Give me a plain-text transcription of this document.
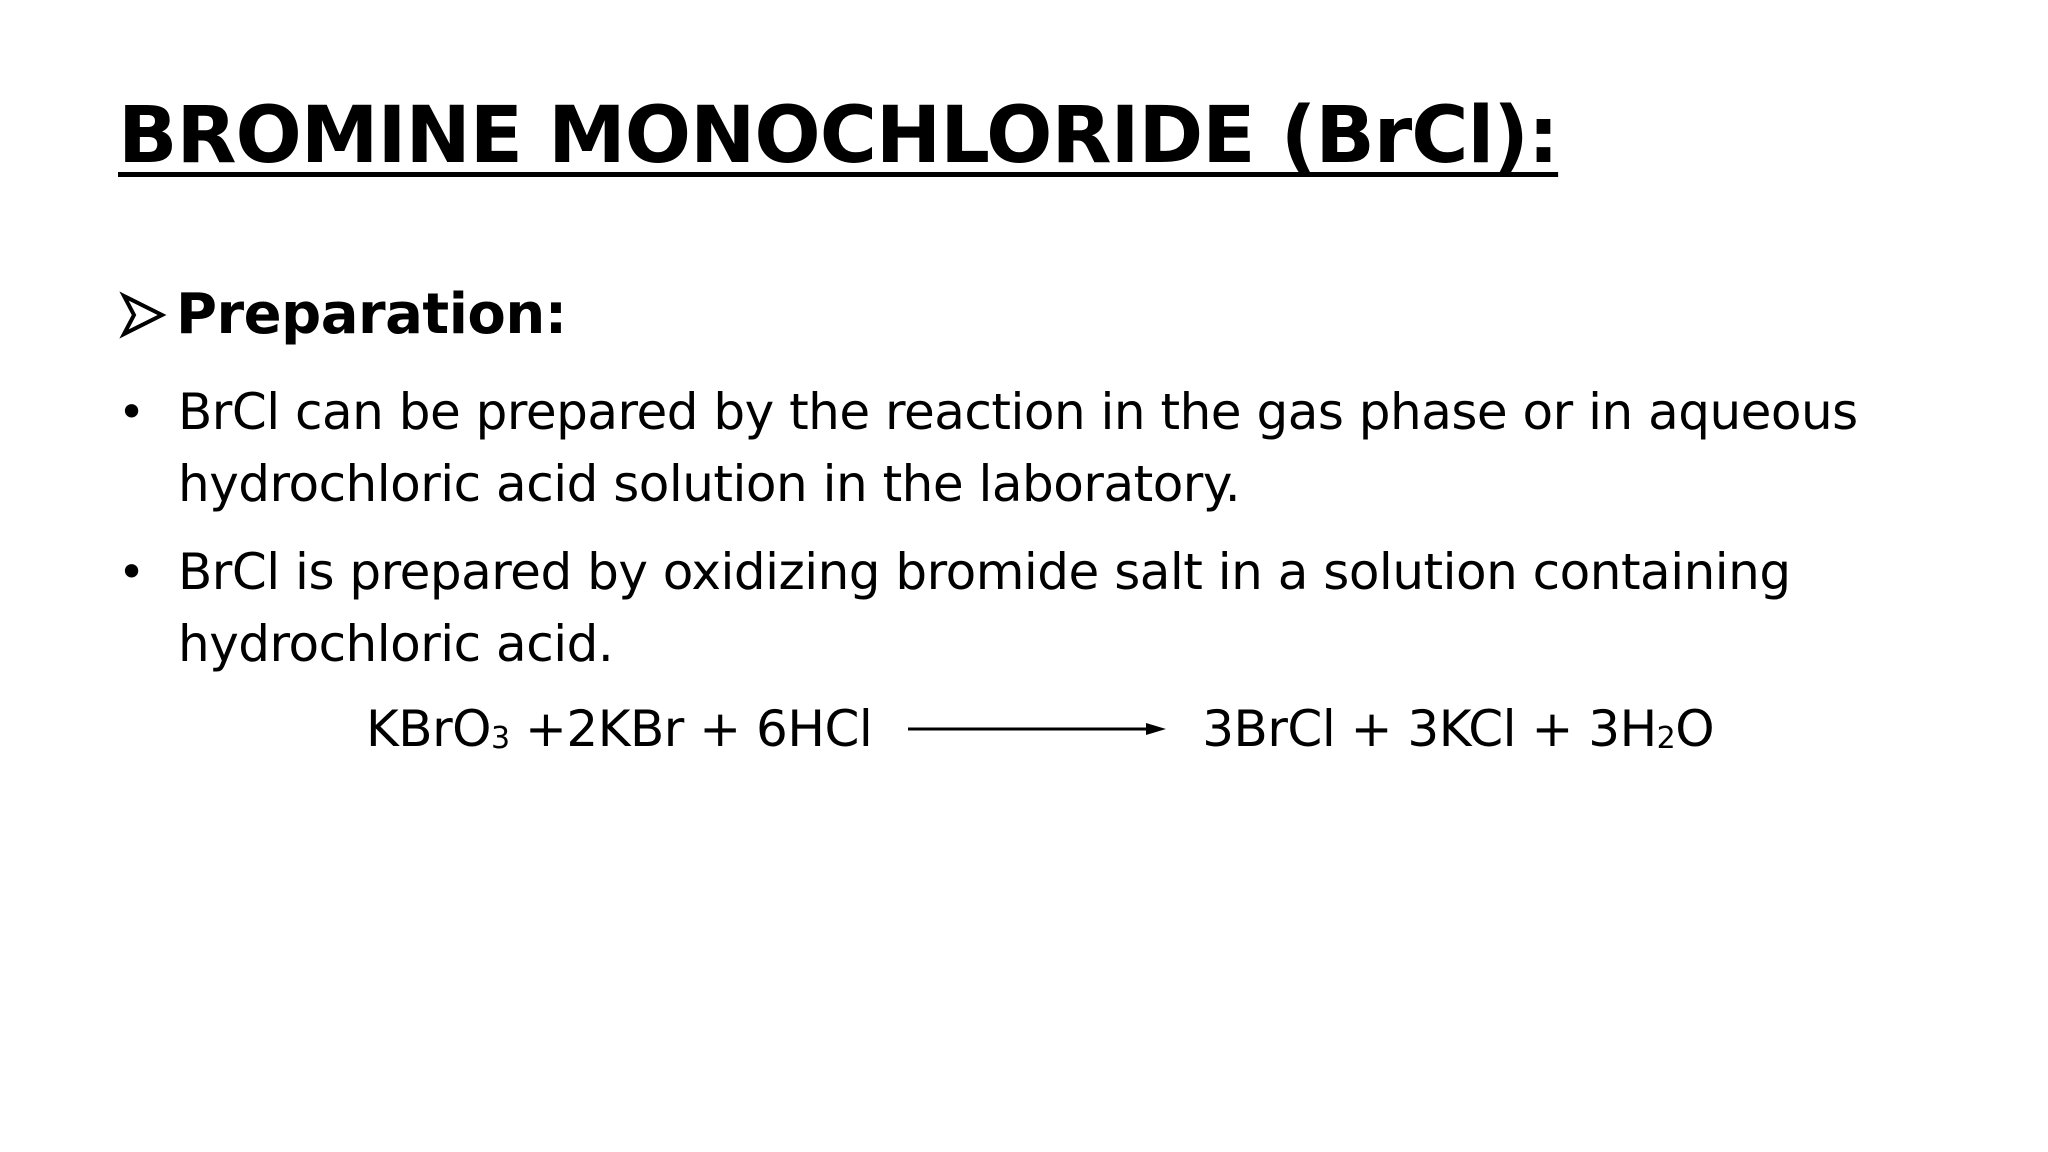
BROMINE MONOCHLORIDE (BrCl):
Preparation:
• BrCl can be prepared by the reaction in the gas phase or in aqueous
hydrochloric acid solution in the laboratory.
• BrCl is prepared by oxidizing bromide salt in a solution containing
hydrochloric acid.
KBrO$_3$ +2KBr + 6HCl	3BrCl + $3KCl + 3H_2O$
